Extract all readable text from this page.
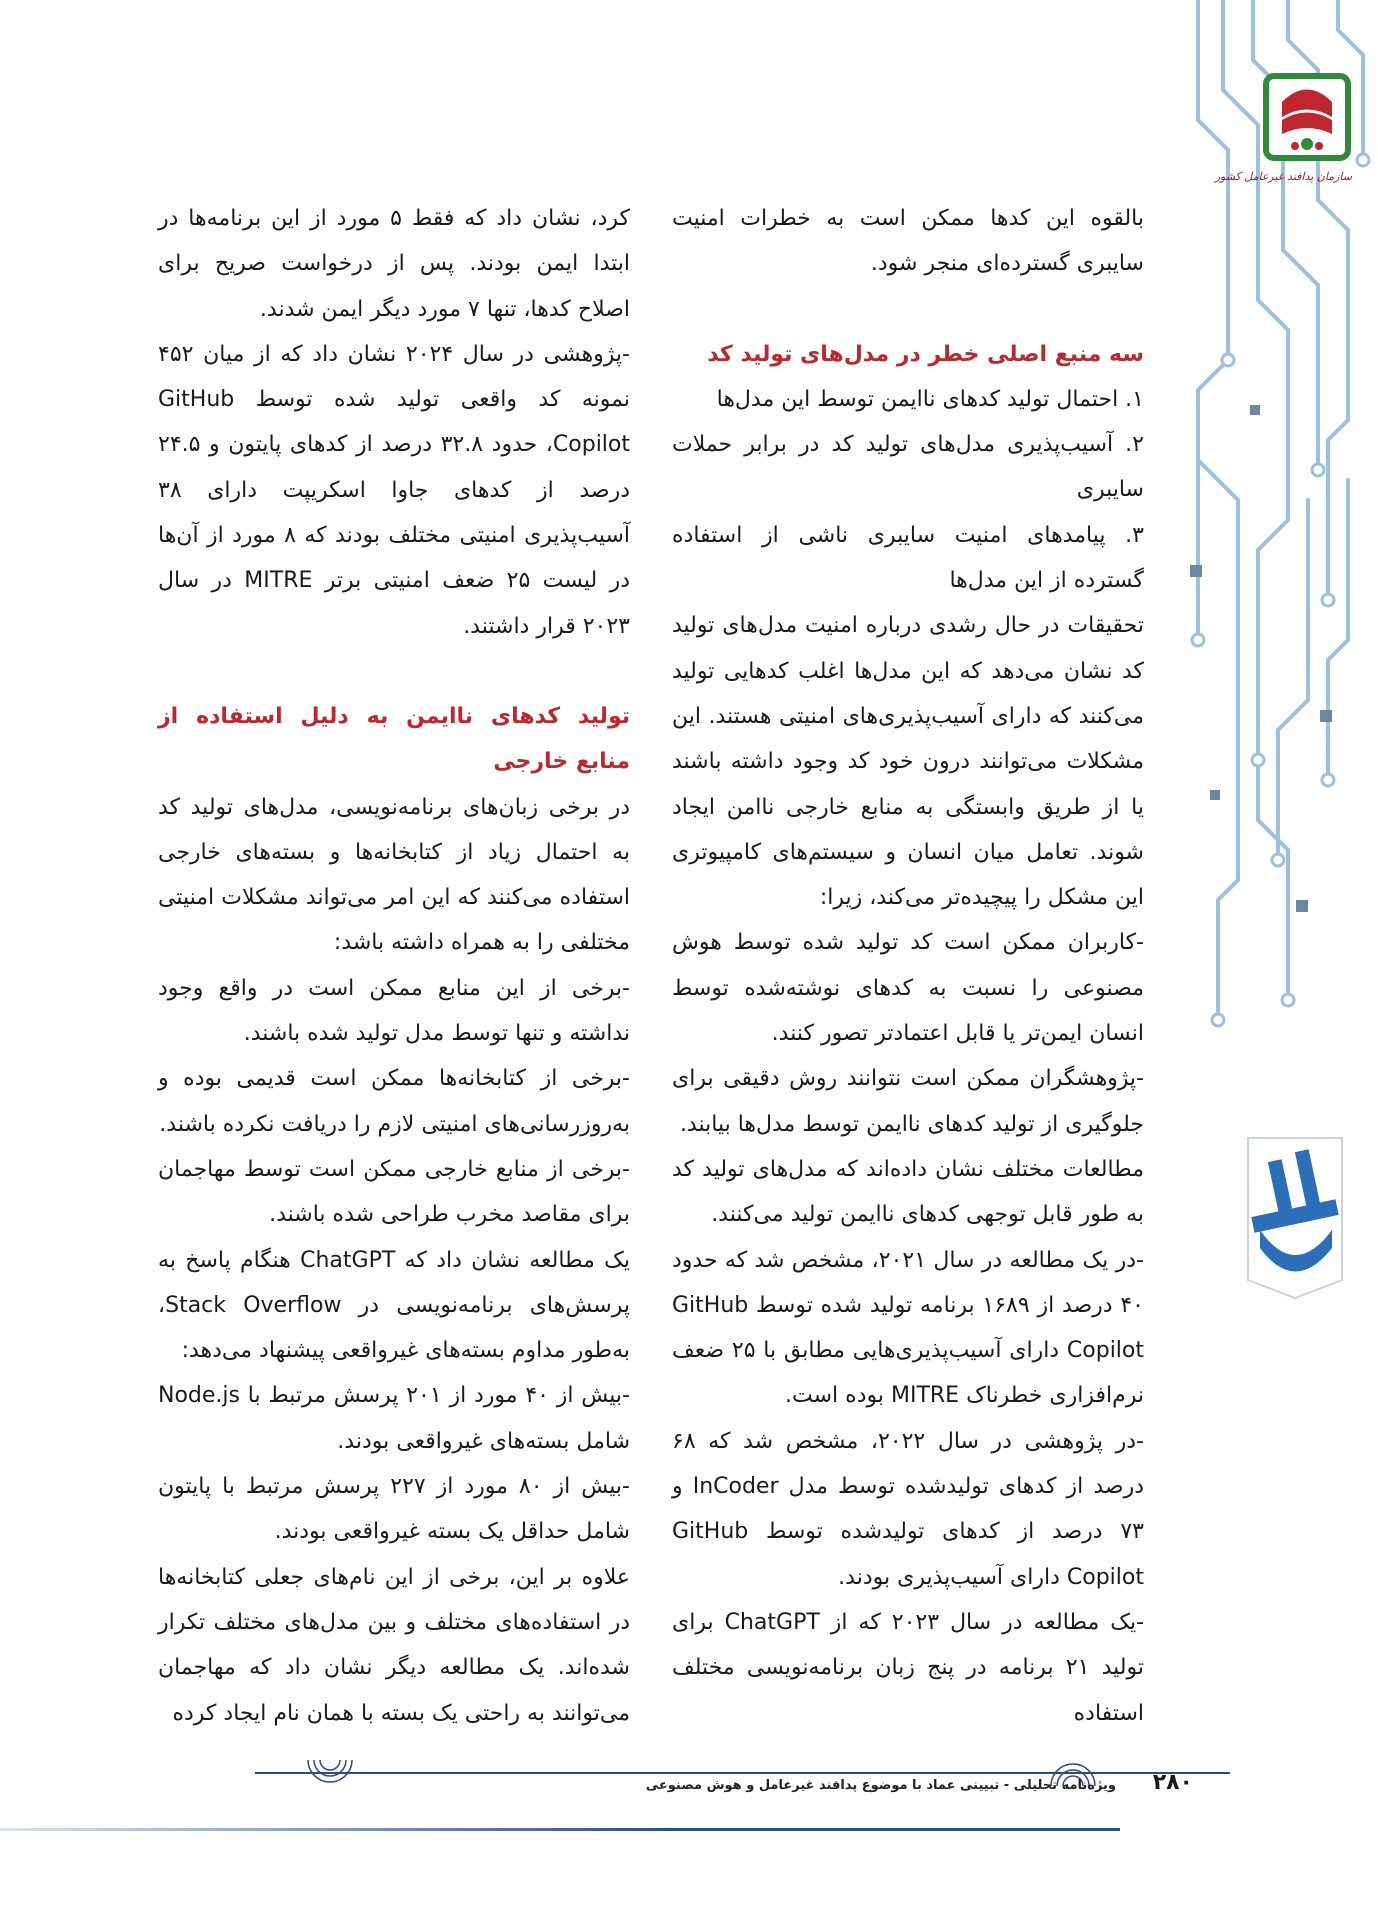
سازمان پدافند غیرعامل کشور

بالقوه این کدها ممکن است به خطرات امنیت سایبری گسترده‌ای منجر شود.

سه منبع اصلی خطر در مدل‌های تولید کد

۱. احتمال تولید کدهای ناایمن توسط این مدل‌ها

۲. آسیب‌پذیری مدل‌های تولید کد در برابر حملات سایبری

۳. پیامدهای امنیت سایبری ناشی از استفاده گسترده از این مدل‌ها

تحقیقات در حال رشدی درباره امنیت مدل‌های تولید کد نشان می‌دهد که این مدل‌ها اغلب کدهایی تولید می‌کنند که دارای آسیب‌پذیری‌های امنیتی هستند. این مشکلات می‌توانند درون خود کد وجود داشته باشند یا از طریق وابستگی به منابع خارجی ناامن ایجاد شوند. تعامل میان انسان و سیستم‌های کامپیوتری این مشکل را پیچیده‌تر می‌کند، زیرا:

-کاربران ممکن است کد تولید شده توسط هوش مصنوعی را نسبت به کدهای نوشته‌شده توسط انسان ایمن‌تر یا قابل اعتمادتر تصور کنند.

-پژوهشگران ممکن است نتوانند روش دقیقی برای جلوگیری از تولید کدهای ناایمن توسط مدل‌ها بیابند.

مطالعات مختلف نشان داده‌اند که مدل‌های تولید کد به طور قابل توجهی کدهای ناایمن تولید می‌کنند.

-در یک مطالعه در سال ۲۰۲۱، مشخص شد که حدود ۴۰ درصد از ۱۶۸۹ برنامه تولید شده توسط GitHub Copilot دارای آسیب‌پذیری‌هایی مطابق با ۲۵ ضعف نرم‌افزاری خطرناک MITRE بوده است.

-در پژوهشی در سال ۲۰۲۲، مشخص شد که ۶۸ درصد از کدهای تولیدشده توسط مدل InCoder و ۷۳ درصد از کدهای تولیدشده توسط GitHub Copilot دارای آسیب‌پذیری بودند.

-یک مطالعه در سال ۲۰۲۳ که از ChatGPT برای تولید ۲۱ برنامه در پنج زبان برنامه‌نویسی مختلف استفاده

کرد، نشان داد که فقط ۵ مورد از این برنامه‌ها در ابتدا ایمن بودند. پس از درخواست صریح برای اصلاح کدها، تنها ۷ مورد دیگر ایمن شدند.

-پژوهشی در سال ۲۰۲۴ نشان داد که از میان ۴۵۲ نمونه کد واقعی تولید شده توسط GitHub Copilot، حدود ۳۲.۸ درصد از کدهای پایتون و ۲۴.۵ درصد از کدهای جاوا اسکریپت دارای ۳۸ آسیب‌پذیری امنیتی مختلف بودند که ۸ مورد از آن‌ها در لیست ۲۵ ضعف امنیتی برتر MITRE در سال ۲۰۲۳ قرار داشتند.

تولید کدهای ناایمن به دلیل استفاده از منابع خارجی

در برخی زبان‌های برنامه‌نویسی، مدل‌های تولید کد به احتمال زیاد از کتابخانه‌ها و بسته‌های خارجی استفاده می‌کنند که این امر می‌تواند مشکلات امنیتی مختلفی را به همراه داشته باشد:

-برخی از این منابع ممکن است در واقع وجود نداشته و تنها توسط مدل تولید شده باشند.

-برخی از کتابخانه‌ها ممکن است قدیمی بوده و به‌روزرسانی‌های امنیتی لازم را دریافت نکرده باشند.

-برخی از منابع خارجی ممکن است توسط مهاجمان برای مقاصد مخرب طراحی شده باشند.

یک مطالعه نشان داد که ChatGPT هنگام پاسخ به پرسش‌های برنامه‌نویسی در Stack Overflow، به‌طور مداوم بسته‌های غیرواقعی پیشنهاد می‌دهد:

-بیش از ۴۰ مورد از ۲۰۱ پرسش مرتبط با Node.js شامل بسته‌های غیرواقعی بودند.

-بیش از ۸۰ مورد از ۲۲۷ پرسش مرتبط با پایتون شامل حداقل یک بسته غیرواقعی بودند.

علاوه بر این، برخی از این نام‌های جعلی کتابخانه‌ها در استفاده‌های مختلف و بین مدل‌های مختلف تکرار شده‌اند. یک مطالعه دیگر نشان داد که مهاجمان می‌توانند به راحتی یک بسته با همان نام ایجاد کرده

ویژه‌نامه تحلیلی - تبیینی عماد با موضوع پدافند غیرعامل و هوش مصنوعی ۲۸۰
